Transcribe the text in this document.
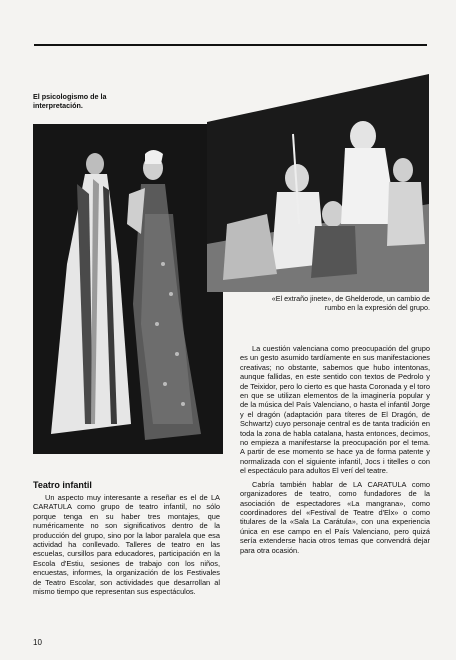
El psicologismo de la interpretación.
«El extraño jinete», de Ghelderode, un cambio de rumbo en la expresión del grupo.
Teatro infantil

Un aspecto muy interesante a reseñar es el de LA CARATULA como grupo de teatro infantil, no sólo porque tenga en su haber tres montajes, que numéricamente no son significativos dentro de la producción del grupo, sino por la labor paralela que esa actividad ha conllevado. Talleres de teatro en las escuelas, cursillos para educadores, participación en la Escola d'Estiu, sesiones de trabajo con los niños, encuestas, informes, la organización de los Festivales de Teatro Escolar, son actividades que desarrollan al mismo tiempo que representan sus espectáculos.

La cuestión valenciana como preocupación del grupo es un gesto asumido tardíamente en sus manifestaciones creativas; no obstante, sabemos que hubo intentonas, aunque fallidas, en este sentido con textos de Pedrolo y de Teixidor, pero lo cierto es que hasta Coronada y el toro en que se utilizan elementos de la imaginería popular y de la música del País Valenciano, o hasta el infantil Jorge y el dragón (adaptación para títeres de El Dragón, de Schwartz) cuyo personaje central es de tanta tradición en toda la zona de habla catalana, hasta entonces, decimos, no empieza a manifestarse la preocupación por el tema. A partir de ese momento se hace ya de forma patente y normalizada con el siguiente infantil, Jocs i titelles o con el espectáculo para adultos El verí del teatre.

Cabría también hablar de LA CARATULA como organizadores de teatro, como fundadores de la asociación de espectadores «La mangrana», como coordinadores del «Festival de Teatre d'Elx» o como titulares de la «Sala La Carátula», con una experiencia única en ese campo en el País Valenciano, pero quizá sería extenderse hacia otros temas que convendrá dejar para otra ocasión.

10
